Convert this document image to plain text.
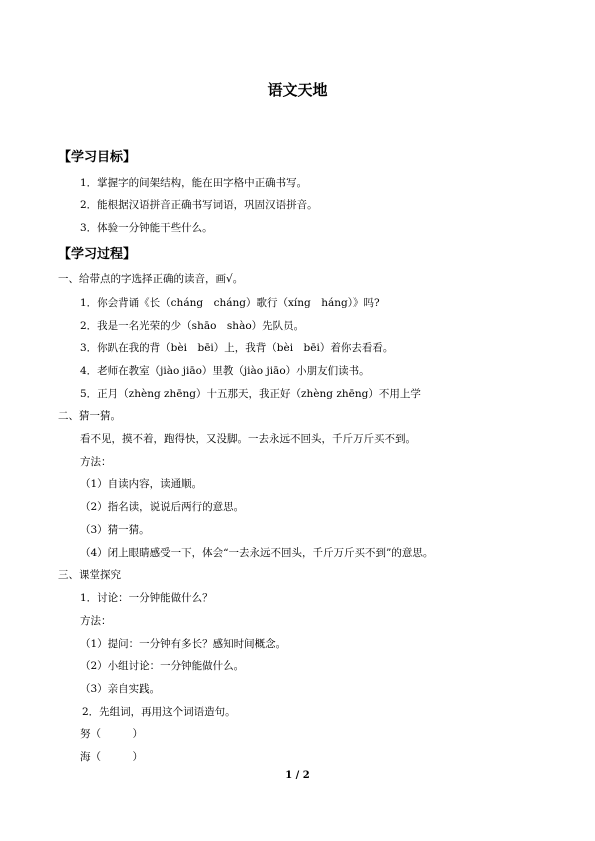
语文天地
【学习目标】
1．掌握字的间架结构，能在田字格中正确书写。
2．能根据汉语拼音正确书写词语，巩固汉语拼音。
3．体验一分钟能干些什么。
【学习过程】
一、给带点的字选择正确的读音，画√。
1．你会背诵《长（cháng　cháng）歌行（xíng　háng）》吗?
2．我是一名光荣的少（shāo　shào）先队员。
3．你趴在我的背（bèi　bēi）上，我背（bèi　bēi）着你去看看。
4．老师在教室（jiào jiāo）里教（jiào jiāo）小朋友们读书。
5．正月（zhèng zhēng）十五那天，我正好（zhèng zhēng）不用上学
二、猜一猜。
看不见，摸不着，跑得快，又没脚。一去永远不回头，千斤万斤买不到。
方法：
（1）自读内容，读通顺。
（2）指名读，说说后两行的意思。
（3）猜一猜。
（4）闭上眼睛感受一下，体会“一去永远不回头，千斤万斤买不到”的意思。
三、课堂探究
1．讨论：一分钟能做什么？
方法：
（1）提问：一分钟有多长？感知时间概念。
（2）小组讨论：一分钟能做什么。
（3）亲自实践。
2．先组词，再用这个词语造句。
努（　　　）
海（　　　）
1 / 2
